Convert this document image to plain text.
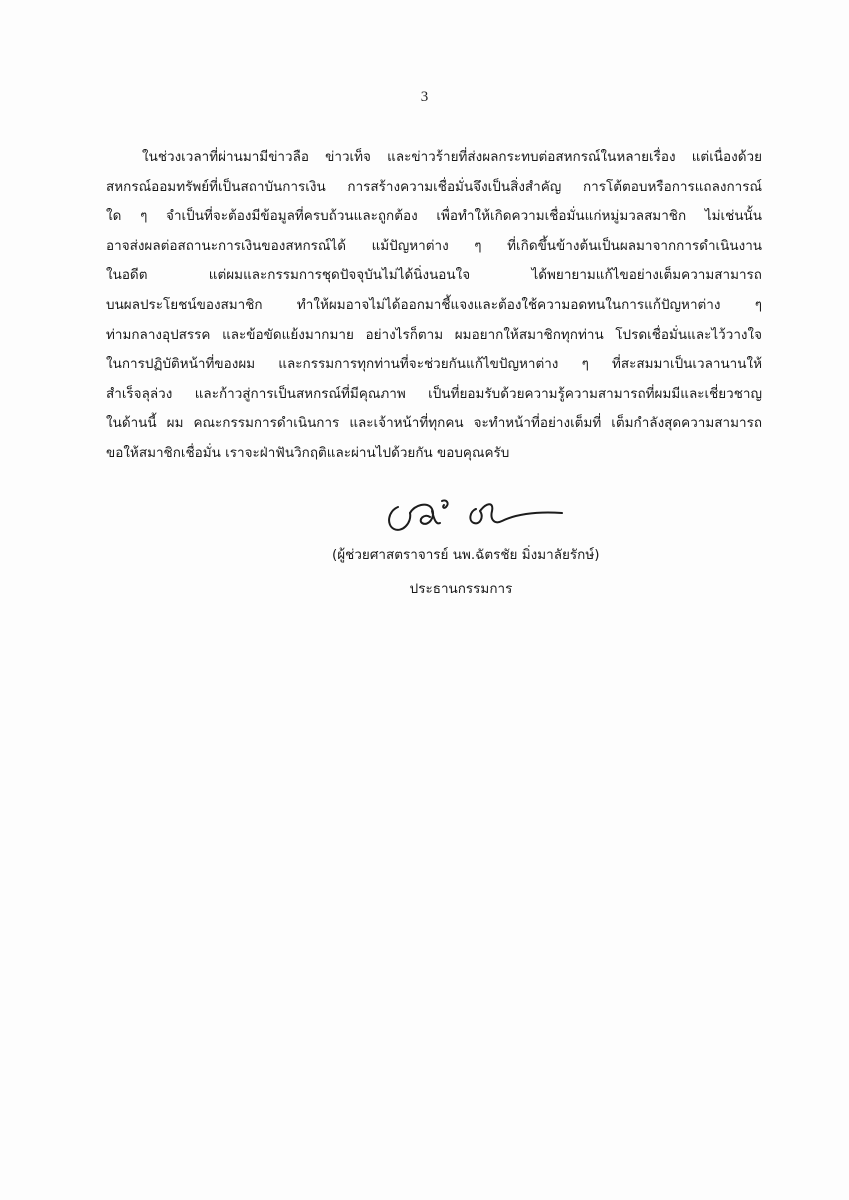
3
ในช่วงเวลาที่ผ่านมามีข่าวลือ ข่าวเท็จ และข่าวร้ายที่ส่งผลกระทบต่อสหกรณ์ในหลายเรื่อง แต่เนื่องด้วย
สหกรณ์ออมทรัพย์ที่เป็นสถาบันการเงิน การสร้างความเชื่อมั่นจึงเป็นสิ่งสำคัญ การโต้ตอบหรือการแถลงการณ์
ใด ๆ จำเป็นที่จะต้องมีข้อมูลที่ครบถ้วนและถูกต้อง เพื่อทำให้เกิดความเชื่อมั่นแก่หมู่มวลสมาชิก ไม่เช่นนั้น
อาจส่งผลต่อสถานะการเงินของสหกรณ์ได้ แม้ปัญหาต่าง ๆ ที่เกิดขึ้นข้างต้นเป็นผลมาจากการดำเนินงาน
ในอดีต แต่ผมและกรรมการชุดปัจจุบันไม่ได้นิ่งนอนใจ ได้พยายามแก้ไขอย่างเต็มความสามารถ
บนผลประโยชน์ของสมาชิก ทำให้ผมอาจไม่ได้ออกมาชี้แจงและต้องใช้ความอดทนในการแก้ปัญหาต่าง ๆ
ท่ามกลางอุปสรรค และข้อขัดแย้งมากมาย อย่างไรก็ตาม ผมอยากให้สมาชิกทุกท่าน โปรดเชื่อมั่นและไว้วางใจ
ในการปฏิบัติหน้าที่ของผม และกรรมการทุกท่านที่จะช่วยกันแก้ไขปัญหาต่าง ๆ ที่สะสมมาเป็นเวลานานให้
สำเร็จลุล่วง และก้าวสู่การเป็นสหกรณ์ที่มีคุณภาพ เป็นที่ยอมรับด้วยความรู้ความสามารถที่ผมมีและเชี่ยวชาญ
ในด้านนี้ ผม คณะกรรมการดำเนินการ และเจ้าหน้าที่ทุกคน จะทำหน้าที่อย่างเต็มที่ เต็มกำลังสุดความสามารถ
ขอให้สมาชิกเชื่อมั่น เราจะฝ่าฟันวิกฤติและผ่านไปด้วยกัน ขอบคุณครับ
(ผู้ช่วยศาสตราจารย์ นพ.ฉัตรชัย มิ่งมาลัยรักษ์)
ประธานกรรมการ
